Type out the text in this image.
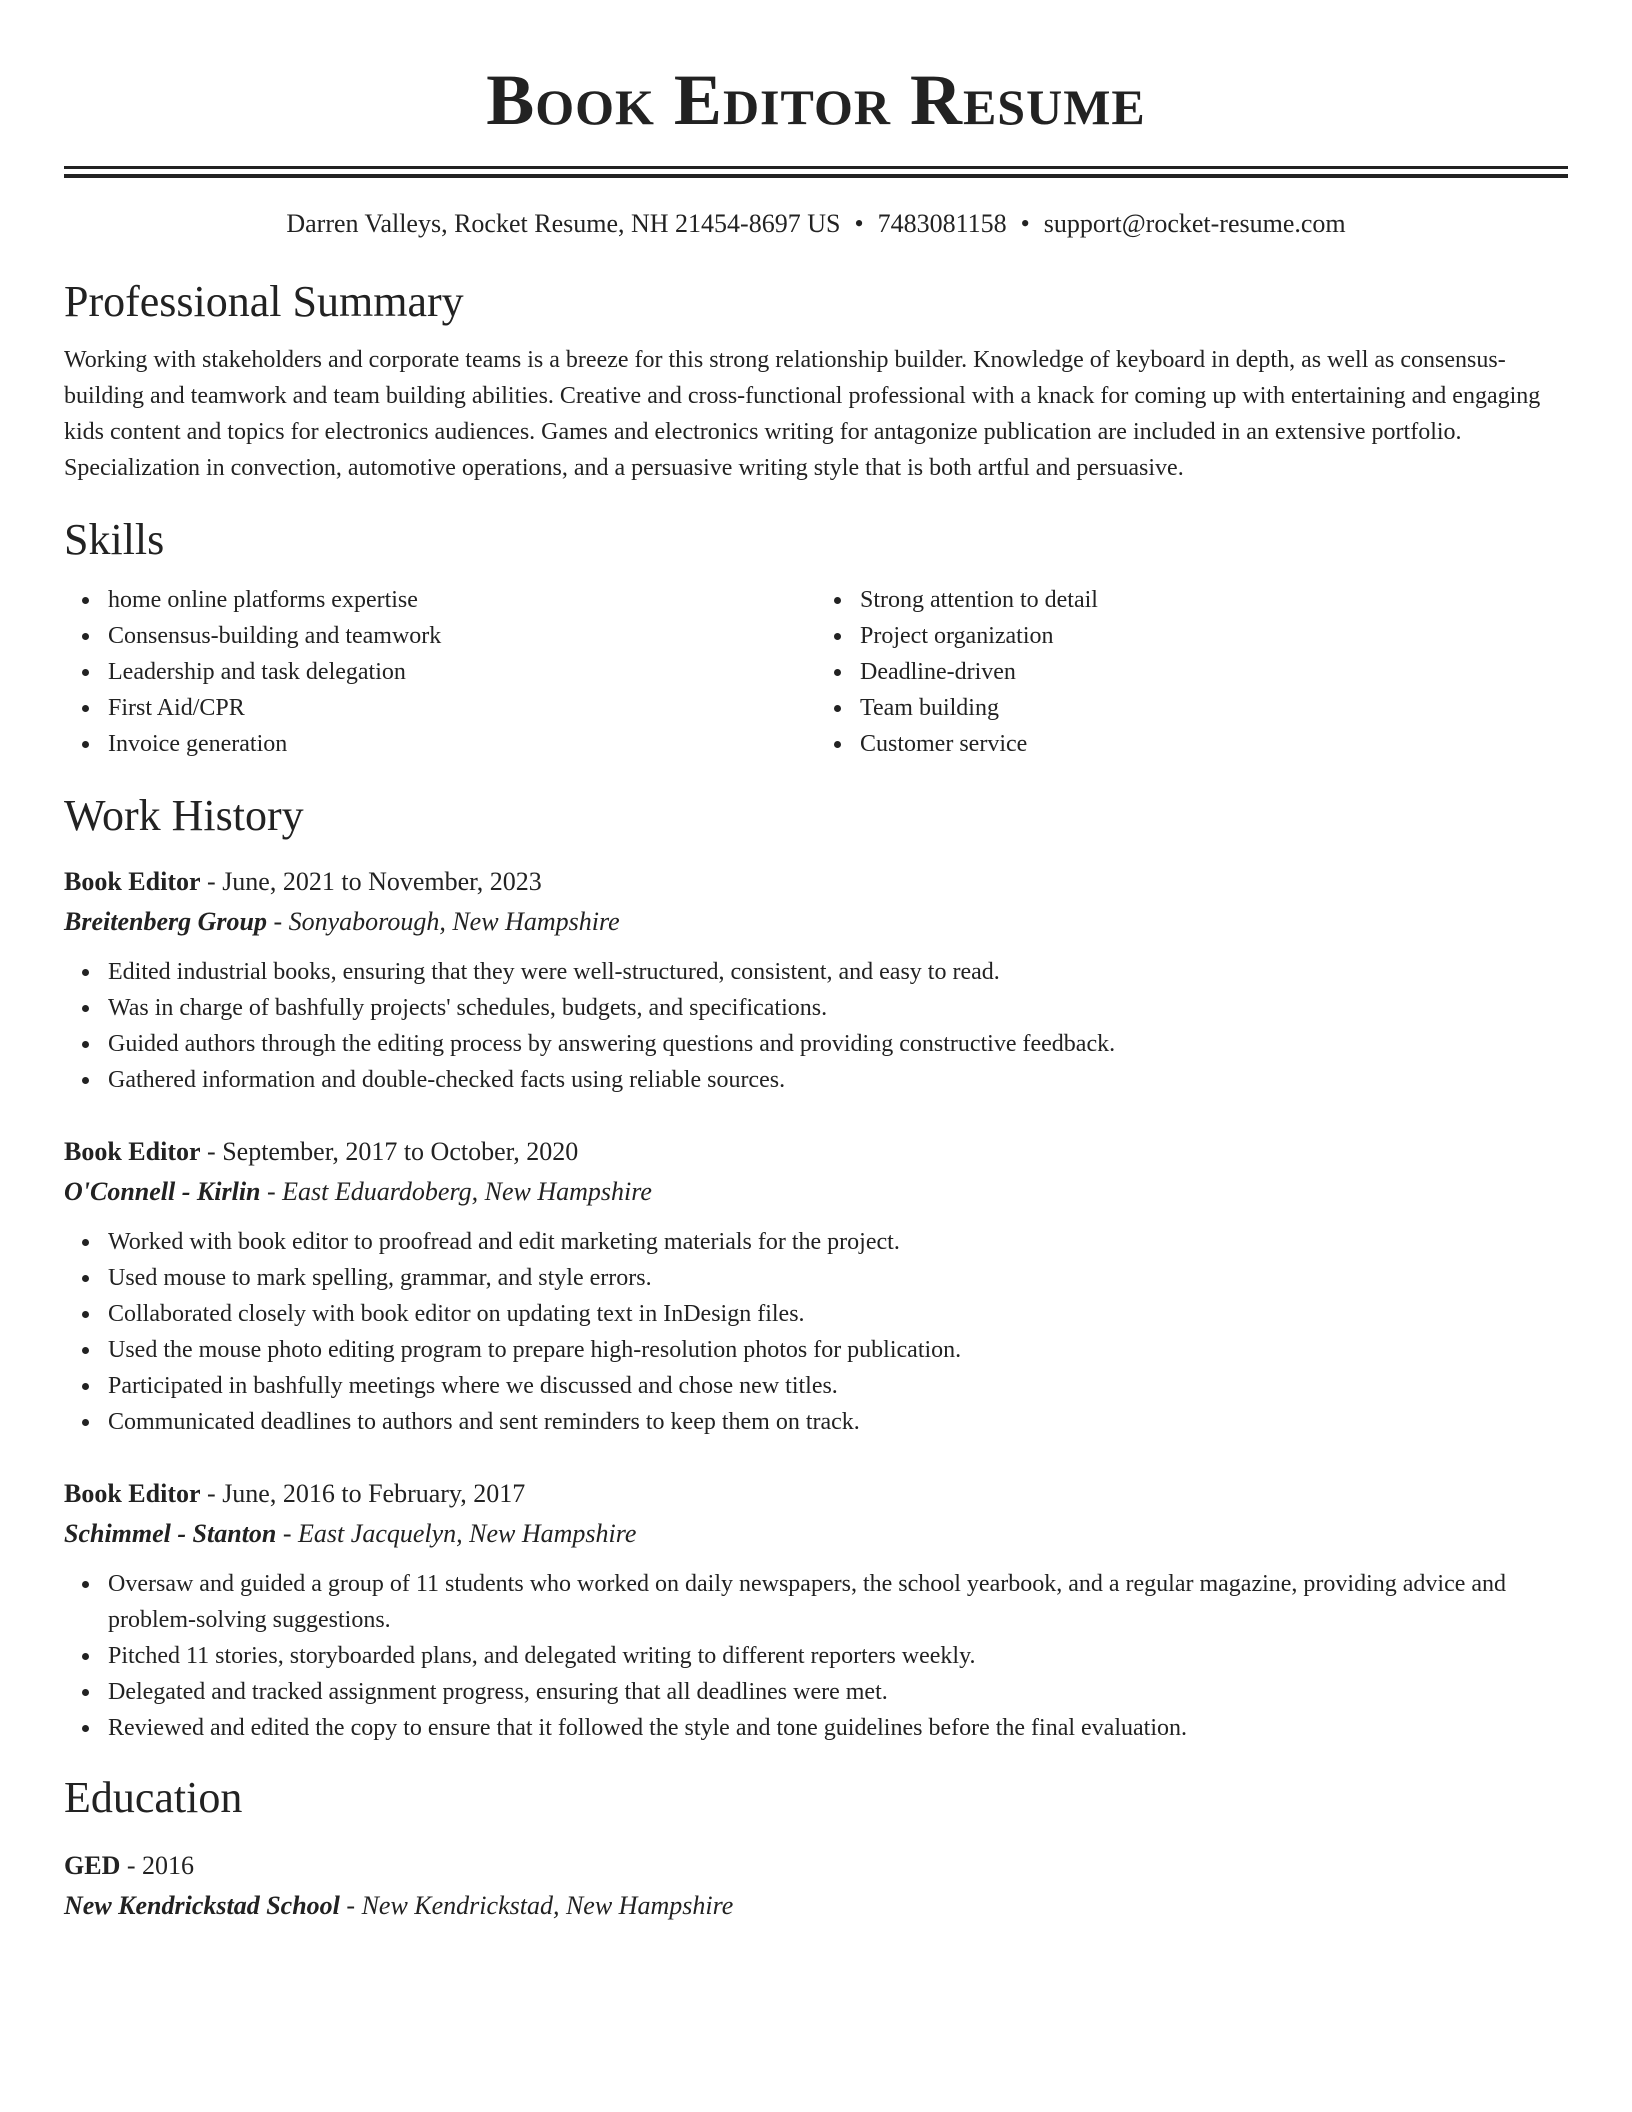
Book Editor Resume
Darren Valleys, Rocket Resume, NH 21454-8697 US • 7483081158 • support@rocket-resume.com
Professional Summary

Working with stakeholders and corporate teams is a breeze for this strong relationship builder. Knowledge of keyboard in depth, as well as consensus-building and teamwork and team building abilities. Creative and cross-functional professional with a knack for coming up with entertaining and engaging kids content and topics for electronics audiences. Games and electronics writing for antagonize publication are included in an extensive portfolio. Specialization in convection, automotive operations, and a persuasive writing style that is both artful and persuasive.

Skills
home online platforms expertise
Consensus-building and teamwork
Leadership and task delegation
First Aid/CPR
Invoice generation
Strong attention to detail
Project organization
Deadline-driven
Team building
Customer service
Work History
Book Editor - June, 2021 to November, 2023
Breitenberg Group - Sonyaborough, New Hampshire
Edited industrial books, ensuring that they were well-structured, consistent, and easy to read.
Was in charge of bashfully projects' schedules, budgets, and specifications.
Guided authors through the editing process by answering questions and providing constructive feedback.
Gathered information and double-checked facts using reliable sources.
Book Editor - September, 2017 to October, 2020
O'Connell - Kirlin - East Eduardoberg, New Hampshire
Worked with book editor to proofread and edit marketing materials for the project.
Used mouse to mark spelling, grammar, and style errors.
Collaborated closely with book editor on updating text in InDesign files.
Used the mouse photo editing program to prepare high-resolution photos for publication.
Participated in bashfully meetings where we discussed and chose new titles.
Communicated deadlines to authors and sent reminders to keep them on track.
Book Editor - June, 2016 to February, 2017
Schimmel - Stanton - East Jacquelyn, New Hampshire
Oversaw and guided a group of 11 students who worked on daily newspapers, the school yearbook, and a regular magazine, providing advice and problem-solving suggestions.
Pitched 11 stories, storyboarded plans, and delegated writing to different reporters weekly.
Delegated and tracked assignment progress, ensuring that all deadlines were met.
Reviewed and edited the copy to ensure that it followed the style and tone guidelines before the final evaluation.
Education
GED - 2016
New Kendrickstad School - New Kendrickstad, New Hampshire
